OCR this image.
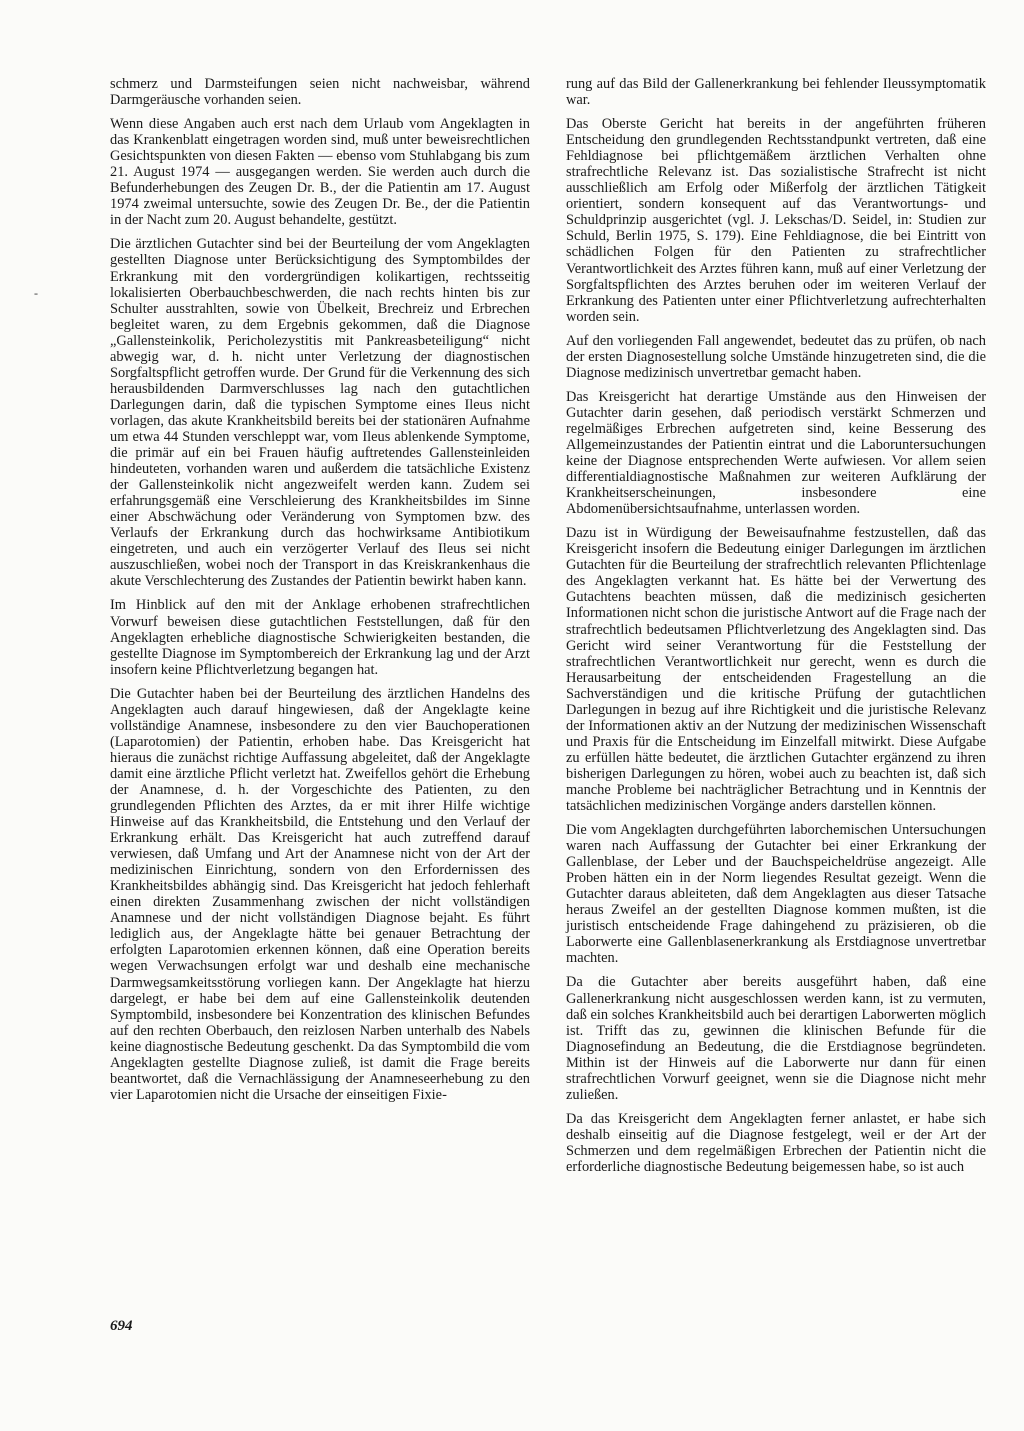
-

schmerz und Darmsteifungen seien nicht nachweisbar, während Darmgeräusche vorhanden seien.

Wenn diese Angaben auch erst nach dem Urlaub vom Angeklagten in das Krankenblatt eingetragen worden sind, muß unter beweisrechtlichen Gesichtspunkten von diesen Fakten — ebenso vom Stuhlabgang bis zum 21. August 1974 — ausgegangen werden. Sie werden auch durch die Befunderhebungen des Zeugen Dr. B., der die Patientin am 17. August 1974 zweimal untersuchte, sowie des Zeugen Dr. Be., der die Patientin in der Nacht zum 20. August behandelte, gestützt.

Die ärztlichen Gutachter sind bei der Beurteilung der vom Angeklagten gestellten Diagnose unter Berücksichtigung des Symptombildes der Erkrankung mit den vordergründigen kolikartigen, rechtsseitig lokalisierten Oberbauchbeschwerden, die nach rechts hinten bis zur Schulter ausstrahlten, sowie von Übelkeit, Brechreiz und Erbrechen begleitet waren, zu dem Ergebnis gekommen, daß die Diagnose „Gallensteinkolik, Pericholezystitis mit Pankreasbeteiligung“ nicht abwegig war, d. h. nicht unter Verletzung der diagnostischen Sorgfaltspflicht getroffen wurde. Der Grund für die Verkennung des sich herausbildenden Darmverschlusses lag nach den gutachtlichen Darlegungen darin, daß die typischen Symptome eines Ileus nicht vorlagen, das akute Krankheitsbild bereits bei der stationären Aufnahme um etwa 44 Stunden verschleppt war, vom Ileus ablenkende Symptome, die primär auf ein bei Frauen häufig auftretendes Gallensteinleiden hindeuteten, vorhanden waren und außerdem die tatsächliche Existenz der Gallensteinkolik nicht angezweifelt werden kann. Zudem sei erfahrungsgemäß eine Verschleierung des Krankheitsbildes im Sinne einer Abschwächung oder Veränderung von Symptomen bzw. des Verlaufs der Erkrankung durch das hochwirksame Antibiotikum eingetreten, und auch ein verzögerter Verlauf des Ileus sei nicht auszuschließen, wobei noch der Transport in das Kreiskrankenhaus die akute Verschlechterung des Zustandes der Patientin bewirkt haben kann.

Im Hinblick auf den mit der Anklage erhobenen strafrechtlichen Vorwurf beweisen diese gutachtlichen Feststellungen, daß für den Angeklagten erhebliche diagnostische Schwierigkeiten bestanden, die gestellte Diagnose im Symptombereich der Erkrankung lag und der Arzt insofern keine Pflichtverletzung begangen hat.

Die Gutachter haben bei der Beurteilung des ärztlichen Handelns des Angeklagten auch darauf hingewiesen, daß der Angeklagte keine vollständige Anamnese, insbesondere zu den vier Bauchoperationen (Laparotomien) der Patientin, erhoben habe. Das Kreisgericht hat hieraus die zunächst richtige Auffassung abgeleitet, daß der Angeklagte damit eine ärztliche Pflicht verletzt hat. Zweifellos gehört die Erhebung der Anamnese, d. h. der Vorgeschichte des Patienten, zu den grundlegenden Pflichten des Arztes, da er mit ihrer Hilfe wichtige Hinweise auf das Krankheitsbild, die Entstehung und den Verlauf der Erkrankung erhält. Das Kreisgericht hat auch zutreffend darauf verwiesen, daß Umfang und Art der Anamnese nicht von der Art der medizinischen Einrichtung, sondern von den Erfordernissen des Krankheitsbildes abhängig sind. Das Kreisgericht hat jedoch fehlerhaft einen direkten Zusammenhang zwischen der nicht vollständigen Anamnese und der nicht vollständigen Diagnose bejaht. Es führt lediglich aus, der Angeklagte hätte bei genauer Betrachtung der erfolgten Laparotomien erkennen können, daß eine Operation bereits wegen Verwachsungen erfolgt war und deshalb eine mechanische Darmwegsamkeitsstörung vorliegen kann. Der Angeklagte hat hierzu dargelegt, er habe bei dem auf eine Gallensteinkolik deutenden Symptombild, insbesondere bei Konzentration des klinischen Befundes auf den rechten Oberbauch, den reizlosen Narben unterhalb des Nabels keine diagnostische Bedeutung geschenkt. Da das Symptombild die vom Angeklagten gestellte Diagnose zuließ, ist damit die Frage bereits beantwortet, daß die Vernachlässigung der Anamneseerhebung zu den vier Laparotomien nicht die Ursache der einseitigen Fixie-

rung auf das Bild der Gallenerkrankung bei fehlender Ileussymptomatik war.

Das Oberste Gericht hat bereits in der angeführten früheren Entscheidung den grundlegenden Rechtsstandpunkt vertreten, daß eine Fehldiagnose bei pflichtgemäßem ärztlichen Verhalten ohne strafrechtliche Relevanz ist. Das sozialistische Strafrecht ist nicht ausschließlich am Erfolg oder Mißerfolg der ärztlichen Tätigkeit orientiert, sondern konsequent auf das Verantwortungs- und Schuldprinzip ausgerichtet (vgl. J. Lekschas/D. Seidel, in: Studien zur Schuld, Berlin 1975, S. 179). Eine Fehldiagnose, die bei Eintritt von schädlichen Folgen für den Patienten zu strafrechtlicher Verantwortlichkeit des Arztes führen kann, muß auf einer Verletzung der Sorgfaltspflichten des Arztes beruhen oder im weiteren Verlauf der Erkrankung des Patienten unter einer Pflichtverletzung aufrechterhalten worden sein.

Auf den vorliegenden Fall angewendet, bedeutet das zu prüfen, ob nach der ersten Diagnosestellung solche Umstände hinzugetreten sind, die die Diagnose medizinisch unvertretbar gemacht haben.

Das Kreisgericht hat derartige Umstände aus den Hinweisen der Gutachter darin gesehen, daß periodisch verstärkt Schmerzen und regelmäßiges Erbrechen aufgetreten sind, keine Besserung des Allgemeinzustandes der Patientin eintrat und die Laboruntersuchungen keine der Diagnose entsprechenden Werte aufwiesen. Vor allem seien differentialdiagnostische Maßnahmen zur weiteren Aufklärung der Krankheitserscheinungen, insbesondere eine Abdomenübersichtsaufnahme, unterlassen worden.

Dazu ist in Würdigung der Beweisaufnahme festzustellen, daß das Kreisgericht insofern die Bedeutung einiger Darlegungen im ärztlichen Gutachten für die Beurteilung der strafrechtlich relevanten Pflichtenlage des Angeklagten verkannt hat. Es hätte bei der Verwertung des Gutachtens beachten müssen, daß die medizinisch gesicherten Informationen nicht schon die juristische Antwort auf die Frage nach der strafrechtlich bedeutsamen Pflichtverletzung des Angeklagten sind. Das Gericht wird seiner Verantwortung für die Feststellung der strafrechtlichen Verantwortlichkeit nur gerecht, wenn es durch die Herausarbeitung der entscheidenden Fragestellung an die Sachverständigen und die kritische Prüfung der gutachtlichen Darlegungen in bezug auf ihre Richtigkeit und die juristische Relevanz der Informationen aktiv an der Nutzung der medizinischen Wissenschaft und Praxis für die Entscheidung im Einzelfall mitwirkt. Diese Aufgabe zu erfüllen hätte bedeutet, die ärztlichen Gutachter ergänzend zu ihren bisherigen Darlegungen zu hören, wobei auch zu beachten ist, daß sich manche Probleme bei nachträglicher Betrachtung und in Kenntnis der tatsächlichen medizinischen Vorgänge anders darstellen können.

Die vom Angeklagten durchgeführten laborchemischen Untersuchungen waren nach Auffassung der Gutachter bei einer Erkrankung der Gallenblase, der Leber und der Bauchspeicheldrüse angezeigt. Alle Proben hätten ein in der Norm liegendes Resultat gezeigt. Wenn die Gutachter daraus ableiteten, daß dem Angeklagten aus dieser Tatsache heraus Zweifel an der gestellten Diagnose kommen mußten, ist die juristisch entscheidende Frage dahingehend zu präzisieren, ob die Laborwerte eine Gallenblasenerkrankung als Erstdiagnose unvertretbar machten.

Da die Gutachter aber bereits ausgeführt haben, daß eine Gallenerkrankung nicht ausgeschlossen werden kann, ist zu vermuten, daß ein solches Krankheitsbild auch bei derartigen Laborwerten möglich ist. Trifft das zu, gewinnen die klinischen Befunde für die Diagnosefindung an Bedeutung, die die Erstdiagnose begründeten. Mithin ist der Hinweis auf die Laborwerte nur dann für einen strafrechtlichen Vorwurf geeignet, wenn sie die Diagnose nicht mehr zuließen.

Da das Kreisgericht dem Angeklagten ferner anlastet, er habe sich deshalb einseitig auf die Diagnose festgelegt, weil er der Art der Schmerzen und dem regelmäßigen Erbrechen der Patientin nicht die erforderliche diagnostische Bedeutung beigemessen habe, so ist auch

694
